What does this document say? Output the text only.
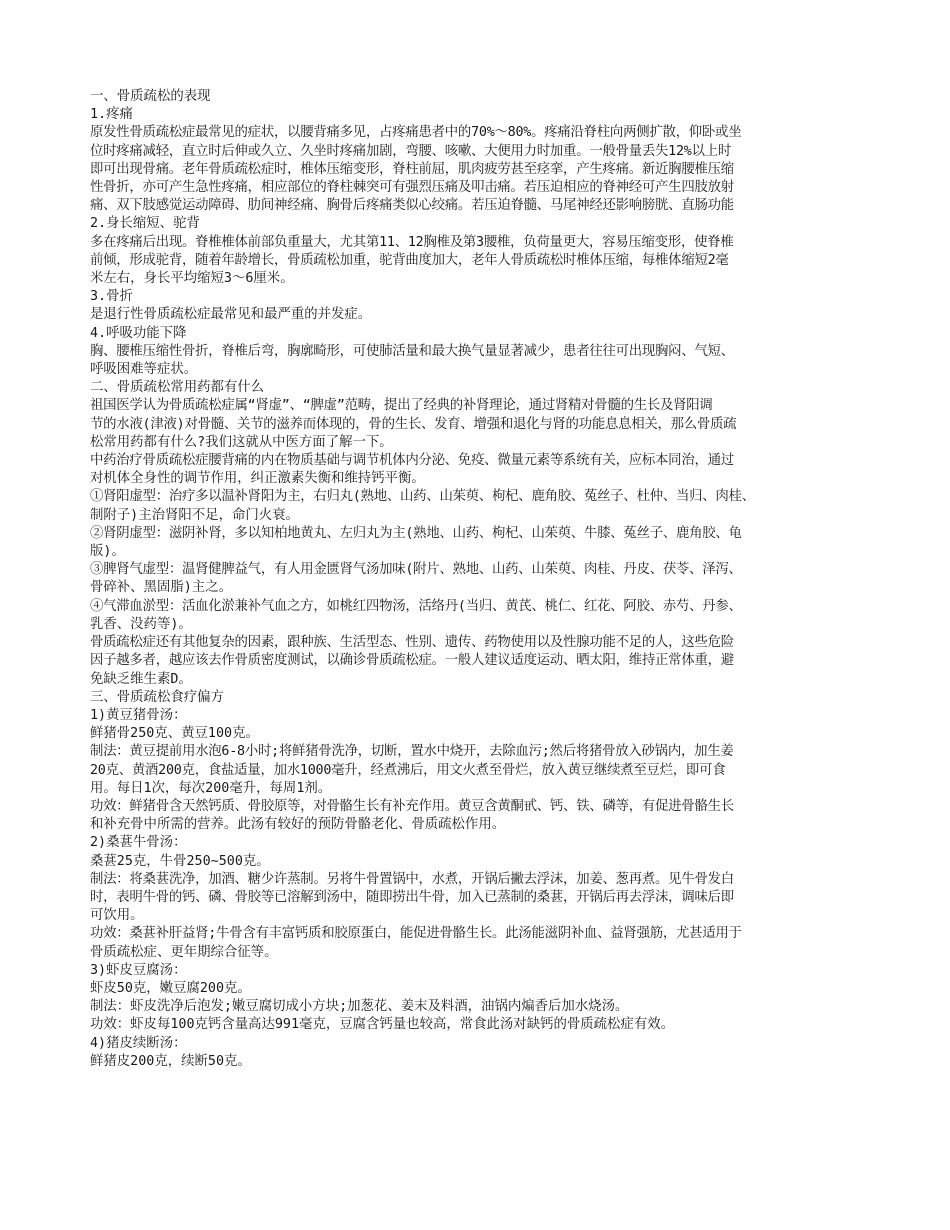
一、骨质疏松的表现
1.疼痛
原发性骨质疏松症最常见的症状，以腰背痛多见，占疼痛患者中的70%～80%。疼痛沿脊柱向两侧扩散，仰卧或坐
位时疼痛减轻，直立时后伸或久立、久坐时疼痛加剧，弯腰、咳嗽、大便用力时加重。一般骨量丢失12%以上时
即可出现骨痛。老年骨质疏松症时，椎体压缩变形，脊柱前屈，肌肉疲劳甚至痉挛，产生疼痛。新近胸腰椎压缩
性骨折，亦可产生急性疼痛，相应部位的脊柱棘突可有强烈压痛及叩击痛。若压迫相应的脊神经可产生四肢放射
痛、双下肢感觉运动障碍、肋间神经痛、胸骨后疼痛类似心绞痛。若压迫脊髓、马尾神经还影响膀胱、直肠功能
2.身长缩短、驼背
多在疼痛后出现。脊椎椎体前部负重量大，尤其第11、12胸椎及第3腰椎，负荷量更大，容易压缩变形，使脊椎
前倾，形成驼背，随着年龄增长，骨质疏松加重，驼背曲度加大，老年人骨质疏松时椎体压缩，每椎体缩短2毫
米左右，身长平均缩短3～6厘米。
3.骨折
是退行性骨质疏松症最常见和最严重的并发症。
4.呼吸功能下降
胸、腰椎压缩性骨折，脊椎后弯，胸廓畸形，可使肺活量和最大换气量显著减少，患者往往可出现胸闷、气短、
呼吸困难等症状。
二、骨质疏松常用药都有什么
祖国医学认为骨质疏松症属“肾虚”、“脾虚”范畴，提出了经典的补肾理论，通过肾精对骨髓的生长及肾阳调
节的水液(津液)对骨髓、关节的滋养而体现的，骨的生长、发育、增强和退化与肾的功能息息相关，那么骨质疏
松常用药都有什么?我们这就从中医方面了解一下。
中药治疗骨质疏松症腰背痛的内在物质基础与调节机体内分泌、免疫、微量元素等系统有关，应标本同治，通过
对机体全身性的调节作用，纠正激素失衡和维持钙平衡。
①肾阳虚型：治疗多以温补肾阳为主，右归丸(熟地、山药、山茱萸、枸杞、鹿角胶、菟丝子、杜仲、当归、肉桂、
制附子)主治肾阳不足，命门火衰。
②肾阴虚型：滋阴补肾，多以知柏地黄丸、左归丸为主(熟地、山药、枸杞、山茱萸、牛膝、菟丝子、鹿角胶、龟
版)。
③脾肾气虚型：温肾健脾益气，有人用金匮肾气汤加味(附片、熟地、山药、山茱萸、肉桂、丹皮、茯苓、泽泻、
骨碎补、黑固脂)主之。
④气滞血淤型：活血化淤兼补气血之方，如桃红四物汤，活络丹(当归、黄芪、桃仁、红花、阿胶、赤芍、丹参、
乳香、没药等)。
骨质疏松症还有其他复杂的因素，跟种族、生活型态、性别、遗传、药物使用以及性腺功能不足的人，这些危险
因子越多者，越应该去作骨质密度测试，以确诊骨质疏松症。一般人建议适度运动、晒太阳，维持正常体重，避
免缺乏维生素D。
三、骨质疏松食疗偏方
1)黄豆猪骨汤：
鲜猪骨250克、黄豆100克。
制法：黄豆提前用水泡6-8小时;将鲜猪骨洗净，切断，置水中烧开，去除血污;然后将猪骨放入砂锅内，加生姜
20克、黄酒200克，食盐适量，加水1000毫升，经煮沸后，用文火煮至骨烂，放入黄豆继续煮至豆烂，即可食
用。每日1次，每次200毫升，每周1剂。
功效：鲜猪骨含天然钙质、骨胶原等，对骨骼生长有补充作用。黄豆含黄酮甙、钙、铁、磷等，有促进骨骼生长
和补充骨中所需的营养。此汤有较好的预防骨骼老化、骨质疏松作用。
2)桑葚牛骨汤：
桑葚25克，牛骨250~500克。
制法：将桑葚洗净，加酒、糖少许蒸制。另将牛骨置锅中，水煮，开锅后撇去浮沫，加姜、葱再煮。见牛骨发白
时，表明牛骨的钙、磷、骨胶等已溶解到汤中，随即捞出牛骨，加入已蒸制的桑葚，开锅后再去浮沫，调味后即
可饮用。
功效：桑葚补肝益肾;牛骨含有丰富钙质和胶原蛋白，能促进骨骼生长。此汤能滋阴补血、益肾强筋，尤甚适用于
骨质疏松症、更年期综合征等。
3)虾皮豆腐汤：
虾皮50克，嫩豆腐200克。
制法：虾皮洗净后泡发;嫩豆腐切成小方块;加葱花、姜末及料酒，油锅内煸香后加水烧汤。
功效：虾皮每100克钙含量高达991毫克，豆腐含钙量也较高，常食此汤对缺钙的骨质疏松症有效。
4)猪皮续断汤：
鲜猪皮200克，续断50克。
